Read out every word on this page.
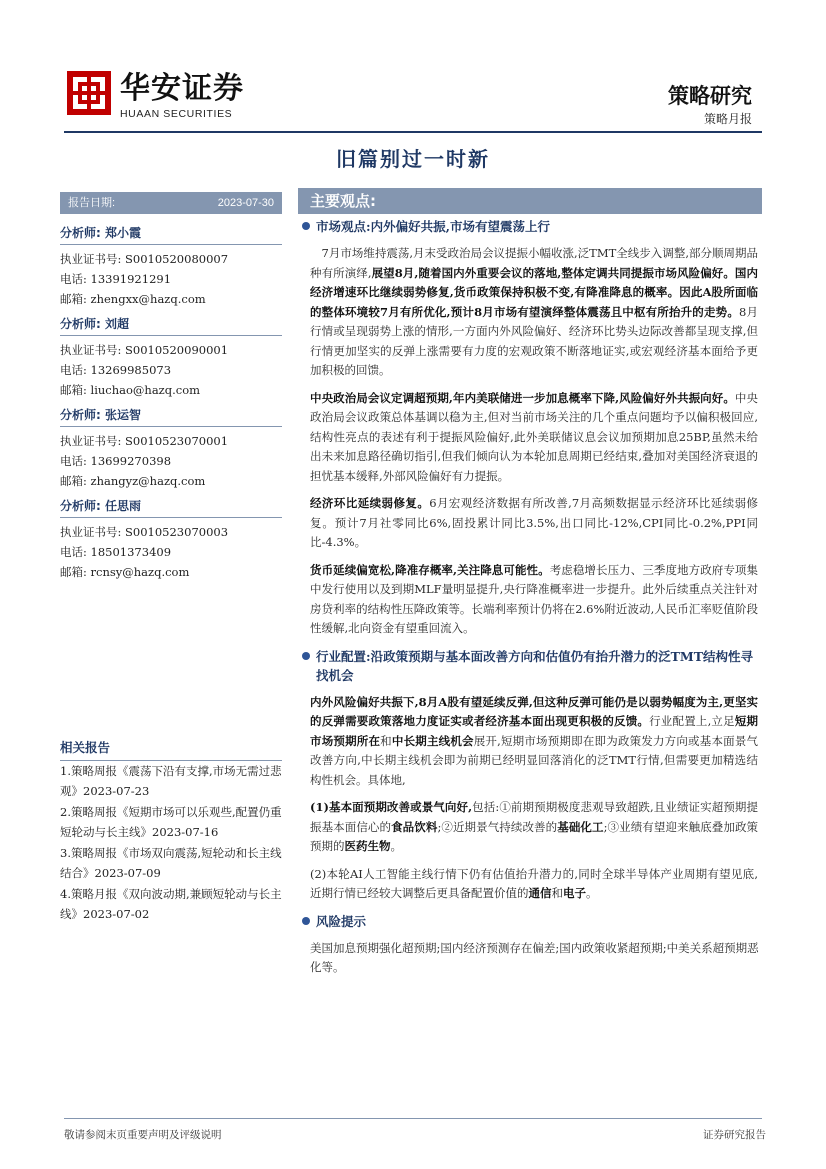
华安证券
HUAAN SECURITIES
策略研究
策略月报
旧篇别过一时新
报告日期:	2023-07-30
分析师: 郑小霞
执业证书号: S0010520080007
电话: 13391921291
邮箱: zhengxx@hazq.com
分析师: 刘超
执业证书号: S0010520090001
电话: 13269985073
邮箱: liuchao@hazq.com
分析师: 张运智
执业证书号: S0010523070001
电话: 13699270398
邮箱: zhangyz@hazq.com
分析师: 任思雨
执业证书号: S0010523070003
电话: 18501373409
邮箱: rcnsy@hazq.com
相关报告
1.策略周报《震荡下沿有支撑,市场无需过悲观》2023-07-23
2.策略周报《短期市场可以乐观些,配置仍重短轮动与长主线》2023-07-16
3.策略周报《市场双向震荡,短轮动和长主线结合》2023-07-09
4.策略月报《双向波动期,兼顾短轮动与长主线》2023-07-02
主要观点:
市场观点:内外偏好共振,市场有望震荡上行

7月市场维持震荡,月末受政治局会议提振小幅收涨,泛TMT全线步入调整,部分顺周期品种有所演绎,展望8月,随着国内外重要会议的落地,整体定调共同提振市场风险偏好。国内经济增速环比继续弱势修复,货币政策保持积极不变,有降准降息的概率。因此A股所面临的整体环境较7月有所优化,预计8月市场有望演绎整体震荡且中枢有所抬升的走势。8月行情或呈现弱势上涨的情形,一方面内外风险偏好、经济环比势头边际改善都呈现支撑,但行情更加坚实的反弹上涨需要有力度的宏观政策不断落地证实,或宏观经济基本面给予更加积极的回馈。

中央政治局会议定调超预期,年内美联储进一步加息概率下降,风险偏好外共振向好。中央政治局会议政策总体基调以稳为主,但对当前市场关注的几个重点问题均予以偏积极回应,结构性亮点的表述有利于提振风险偏好,此外美联储议息会议加预期加息25BP,虽然未给出未来加息路径确切指引,但我们倾向认为本轮加息周期已经结束,叠加对美国经济衰退的担忧基本缓释,外部风险偏好有力提振。

经济环比延续弱修复。6月宏观经济数据有所改善,7月高频数据显示经济环比延续弱修复。预计7月社零同比6%,固投累计同比3.5%,出口同比-12%,CPI同比-0.2%,PPI同比-4.3%。

货币延续偏宽松,降准存概率,关注降息可能性。考虑稳增长压力、三季度地方政府专项集中发行使用以及到期MLF量明显提升,央行降准概率进一步提升。此外后续重点关注针对房贷利率的结构性压降政策等。长端利率预计仍将在2.6%附近波动,人民币汇率贬值阶段性缓解,北向资金有望重回流入。

行业配置:沿政策预期与基本面改善方向和估值仍有抬升潜力的泛TMT结构性寻找机会

内外风险偏好共振下,8月A股有望延续反弹,但这种反弹可能仍是以弱势幅度为主,更坚实的反弹需要政策落地力度证实或者经济基本面出现更积极的反馈。行业配置上,立足短期市场预期所在和中长期主线机会展开,短期市场预期即在即为政策发力方向或基本面景气改善方向,中长期主线机会即为前期已经明显回落消化的泛TMT行情,但需要更加精选结构性机会。具体地,

(1)基本面预期改善或景气向好,包括:①前期预期极度悲观导致超跌,且业绩证实超预期提振基本面信心的食品饮料;②近期景气持续改善的基础化工;③业绩有望迎来触底叠加政策预期的医药生物。

(2)本轮AI人工智能主线行情下仍有估值抬升潜力的,同时全球半导体产业周期有望见底,近期行情已经较大调整后更具备配置价值的通信和电子。

风险提示

美国加息预期强化超预期;国内经济预测存在偏差;国内政策收紧超预期;中美关系超预期恶化等。

敬请参阅末页重要声明及评级说明	证券研究报告
